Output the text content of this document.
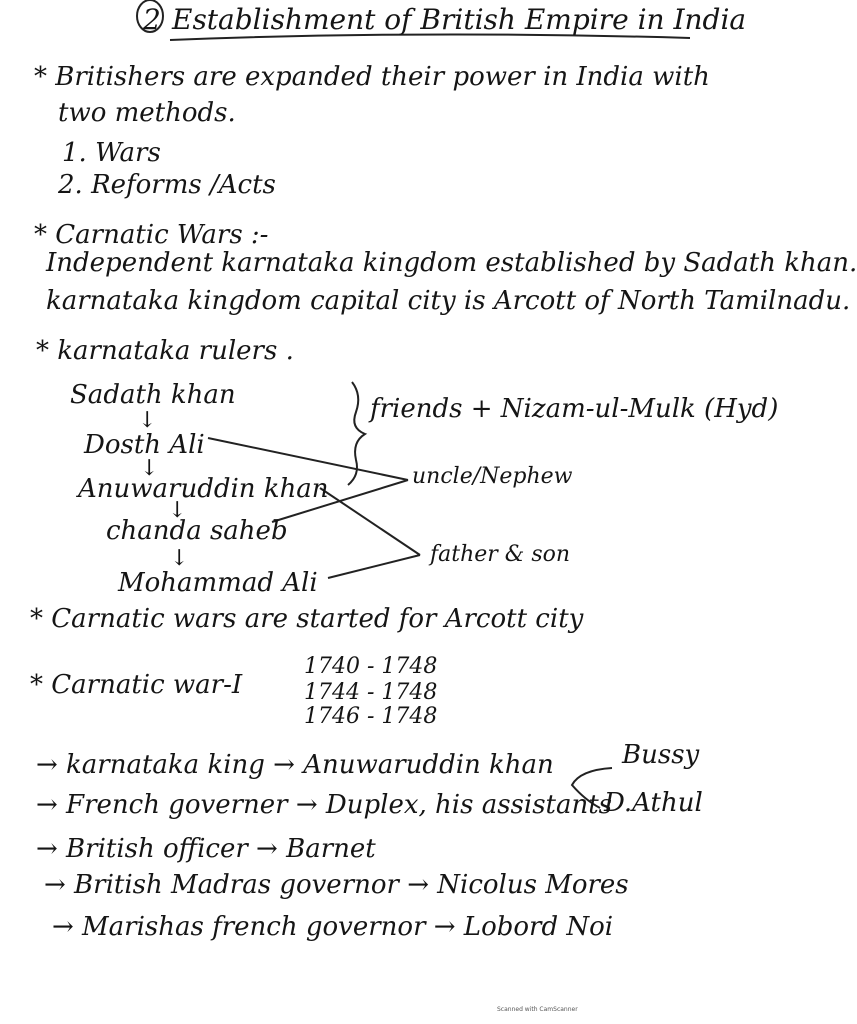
2 Establishment of British Empire in India
* Britishers are expanded their power in India with
two methods.
1. Wars
2. Reforms /Acts
* Carnatic Wars :-
Independent karnataka kingdom established by Sadath khan.
karnataka kingdom capital city is Arcott of North Tamilnadu.
* karnataka rulers .
Sadath khan
↓
Dosth Ali
↓
Anuwaruddin khan
↓
chanda saheb
↓
Mohammad Ali
friends + Nizam-ul-Mulk (Hyd)
uncle/Nephew
father & son
* Carnatic wars are started for Arcott city
* Carnatic war-I
1740 - 1748
1744 - 1748
1746 - 1748
→ karnataka king → Anuwaruddin khan
→ French governer → Duplex, his assistants
→ British officer → Barnet
→ British Madras governor → Nicolus Mores
→ Marishas french governor → Lobord Noi
Bussy
D.Athul
Scanned with CamScanner
